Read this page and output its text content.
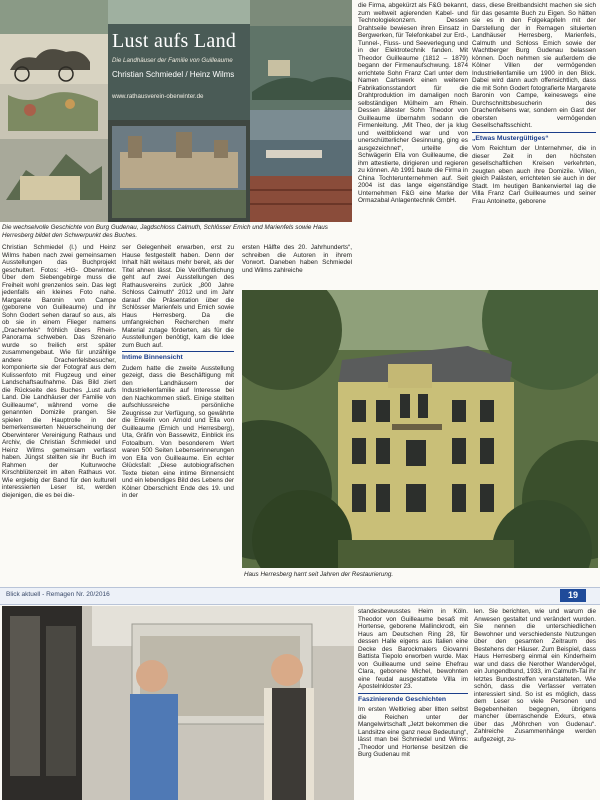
Lust aufs Land
Die Landhäuser der Familie von Guilleaume
Christian Schmiedel / Heinz Wilms
www.rathausverein-oberwinter.de
Die wechselvolle Geschichte von Burg Gudenau, Jagdschloss Calmuth, Schlösser Emich und Marienfels sowie Haus Herresberg bildet den Schwerpunkt des Buches.

die Firma, abgekürzt als F&G bekannt, zum weltweit agierenden Kabel- und Technologiekonzern. Dessen Drahtseile bewiesen ihren Einsatz in Bergwerken, für Telefonkabel zur Erd-, Tunnel-, Fluss- und Seeverlegung und in der Elektrotechnik fanden. Mit Theodor Guilleaume (1812 – 1879) begann der Firmenaufschwung. 1874 errichtete Sohn Franz Carl unter dem Namen Carlswerk einen weiteren Fabrikationsstandort für die Drahtproduktion im damaligen noch selbständigen Mülheim am Rhein. Dessen ältester Sohn Theodor von Guilleaume übernahm sodann die Firmenleitung. „Mit Theo, der ja klug und weitblickend war und von unerschütterlicher Gesinnung, ging es ausgezeichnet“, urteilte die Schwägerin Ella von Guilleaume, die ihm attestierte, dirigieren und regieren zu können. Ab 1991 baute die Firma in China Tochterunternehmen auf. Seit 2004 ist das lange eigenständige Unternehmen F&G eine Marke der Ormazabal Anlagentechnik GmbH.

dass, diese Breitbandsicht machen sie sich für das gesamte Buch zu Eigen. So hätten sie es in den Folgekapiteln mit der Darstellung der in Remagen situierten Landhäuser Herresberg, Marienfels, Calmuth und Schloss Emich sowie der Wachtberger Burg Gudenau belassen können. Doch nehmen sie außerdem die Kölner Villen der vermögenden Industriellenfamilie um 1900 in den Blick. Dabei wird dann auch offensichtlich, dass die mit Sohn Godert fotografierte Margarete Baronin von Campe, keineswegs eine Durchschnittsbesucherin des Drachenfelsens war, sondern ein Gast der obersten vermögenden Gesellschaftsschicht.

„Etwas Mustergültiges“

Vom Reichtum der Unternehmer, die in dieser Zeit in den höchsten gesellschaftlichen Kreisen verkehrten, zeugten eben auch ihre Domizile. Villen, gleich Palästen, errichteten sie auch in der Stadt. Im heutigen Bankenviertel lag die Villa Franz Carl Guilleaumes und seiner Frau Antoinette, geborene

Christian Schmiedel (l.) und Heinz Wilms haben nach zwei gemeinsamen Ausstellungen das Buchprojekt geschultert. Fotos: -HG- Oberwinter. Über dem Siebengebirge muss die Freiheit wohl grenzenlos sein. Das legt jedenfalls ein kleines Foto nahe. Margarete Baronin von Campe (geborene von Guilleaume) und ihr Sohn Godert sehen darauf so aus, als ob sie in einem Flieger namens „Drachenfels“ fröhlich übers Rhein-Panorama schweben. Das Szenario wurde so freilich erst später zusammengebaut. Wie für unzählige andere Drachenfelsbesucher, komponierte sie der Fotograf aus dem Kulissenfoto mit Flugzeug und einer Landschaftsaufnahme. Das Bild ziert die Rückseite des Buches „Lust aufs Land. Die Landhäuser der Familie von Guilleaume“, während vorne die genannten Domizile prangen. Sie spielen die Hauptrolle in der bemerkenswerten Neuerscheinung der Oberwinterer Vereinigung Rathaus und Archiv, die Christian Schmiedel und Heinz Wilms gemeinsam verfasst haben. Jüngst stellten sie ihr Buch im Rahmen der Kulturwoche Kirschblütenzeit im alten Rathaus vor. Wie ergiebig der Band für den kulturell interessierten Leser ist, werden diejenigen, die es bei die-

ser Gelegenheit erwarben, erst zu Hause festgestellt haben. Denn der Inhalt hält weitaus mehr bereit, als der Titel ahnen lässt. Die Veröffentlichung geht auf zwei Ausstellungen des Rathausvereins zurück „800 Jahre Schloss Calmuth“ 2012 und im Jahr darauf die Präsentation über die Schlösser Marienfels und Emich sowie Haus Herresberg. Da die umfangreichen Recherchen mehr Material zutage förderten, als für die Ausstellungen benötigt, kam die Idee zum Buch auf.

Intime Binnensicht

Zudem hatte die zweite Ausstellung gezeigt, dass die Beschäftigung mit den Landhäusern der Industriellenfamilie auf Interesse bei den Nachkommen stieß. Einige stellten aufschlussreiche persönliche Zeugnisse zur Verfügung, so gewährte die Enkelin von Arnold und Ella von Guilleaume (Ernich und Herresberg), Uta, Gräfin von Bassewitz, Einblick ins Fotoalbum. Von besonderem Wert waren 500 Seiten Lebenserinnerungen von Ella von Guilleaume. Ein echter Glücksfall: „Diese autobiografischen Texte bieten eine intime Binnensicht und ein lebendiges Bild des Lebens der Kölner Oberschicht Ende des 19. und in der

ersten Hälfte des 20. Jahrhunderts“, schreiben die Autoren in ihrem Vorwort. Daneben haben Schmiedel und Wilms zahlreiche

Haus Herresberg harrt seit Jahren der Restaurierung.
Blick aktuell - Remagen Nr. 20/2016	19

standesbewusstes Heim in Köln. Theodor von Guilleaume besaß mit Hortense, geborene Mallinckrodt, ein Haus am Deutschen Ring 28, für dessen Halle eigens aus Italien eine Decke des Barockmalers Giovanni Battista Tiepolo erworben wurde. Max von Guilleaume und seine Ehefrau Clara, geborene Michel, bewohnten eine feudal ausgestattete Villa im Apostelnkloster 23.

Faszinierende Geschichten

Im ersten Weltkrieg aber litten selbst die Reichen unter der Mangelwirtschaft „Jetzt bekommen die Landsitze eine ganz neue Bedeutung“, lässt man bei Schmiedel und Wilms: „Theodor und Hortense besitzen die Burg Gudenau mit

len. Sie berichten, wie und warum die Anwesen gestaltet und verändert wurden. Sie nennen die unterschiedlichen Bewohner und verschiedenste Nutzungen über den gesamten Zeitraum des Bestehens der Häuser. Zum Beispiel, dass Haus Herresberg einmal ein Kinderheim war und dass die Nerother Wandervögel, ein Jungendbund, 1933, im Calmuth-Tal ihr letztes Bundestreffen veranstalteten. Wie schön, dass die Verfasser verraten interessiert sind. So ist es möglich, dass dem Leser so viele Personen und Begebenheiten begegnen, übrigens mancher überraschende Exkurs, etwa über das „Möhrchen von Gudenau“. Zahlreiche Zusammenhänge werden aufgezeigt, zu-
